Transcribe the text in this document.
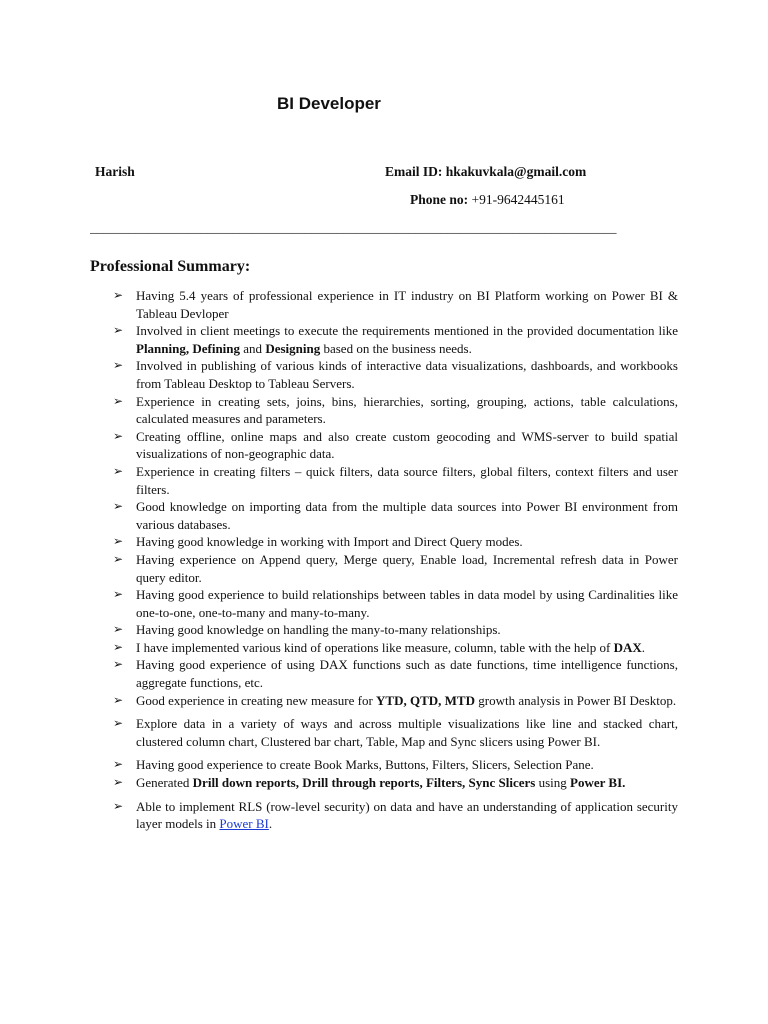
BI Developer
Harish	Email ID: hkakuvkala@gmail.com
Phone no: +91-9642445161
_________________________________________________________________________________
Professional Summary:
➢ Having 5.4 years of professional experience in IT industry on BI Platform working on Power BI & Tableau Devloper
➢ Involved in client meetings to execute the requirements mentioned in the provided documentation like Planning, Defining and Designing based on the business needs.
➢ Involved in publishing of various kinds of interactive data visualizations, dashboards, and workbooks from Tableau Desktop to Tableau Servers.
➢ Experience in creating sets, joins, bins, hierarchies, sorting, grouping, actions, table calculations, calculated measures and parameters.
➢ Creating offline, online maps and also create custom geocoding and WMS-server to build spatial visualizations of non-geographic data.
➢ Experience in creating filters – quick filters, data source filters, global filters, context filters and user filters.
➢ Good knowledge on importing data from the multiple data sources into Power BI environment from various databases.
➢ Having good knowledge in working with Import and Direct Query modes.
➢ Having experience on Append query, Merge query, Enable load, Incremental refresh data in Power query editor.
➢ Having good experience to build relationships between tables in data model by using Cardinalities like one-to-one, one-to-many and many-to-many.
➢ Having good knowledge on handling the many-to-many relationships.
➢ I have implemented various kind of operations like measure, column, table with the help of DAX.
➢ Having good experience of using DAX functions such as date functions, time intelligence functions, aggregate functions, etc.
➢ Good experience in creating new measure for YTD, QTD, MTD growth analysis in Power BI Desktop.
➢ Explore data in a variety of ways and across multiple visualizations like line and stacked chart, clustered column chart, Clustered bar chart, Table, Map and Sync slicers using Power BI.
➢ Having good experience to create Book Marks, Buttons, Filters, Slicers, Selection Pane.
➢ Generated Drill down reports, Drill through reports, Filters, Sync Slicers using Power BI.
➢ Able to implement RLS (row-level security) on data and have an understanding of application security layer models in Power BI.
